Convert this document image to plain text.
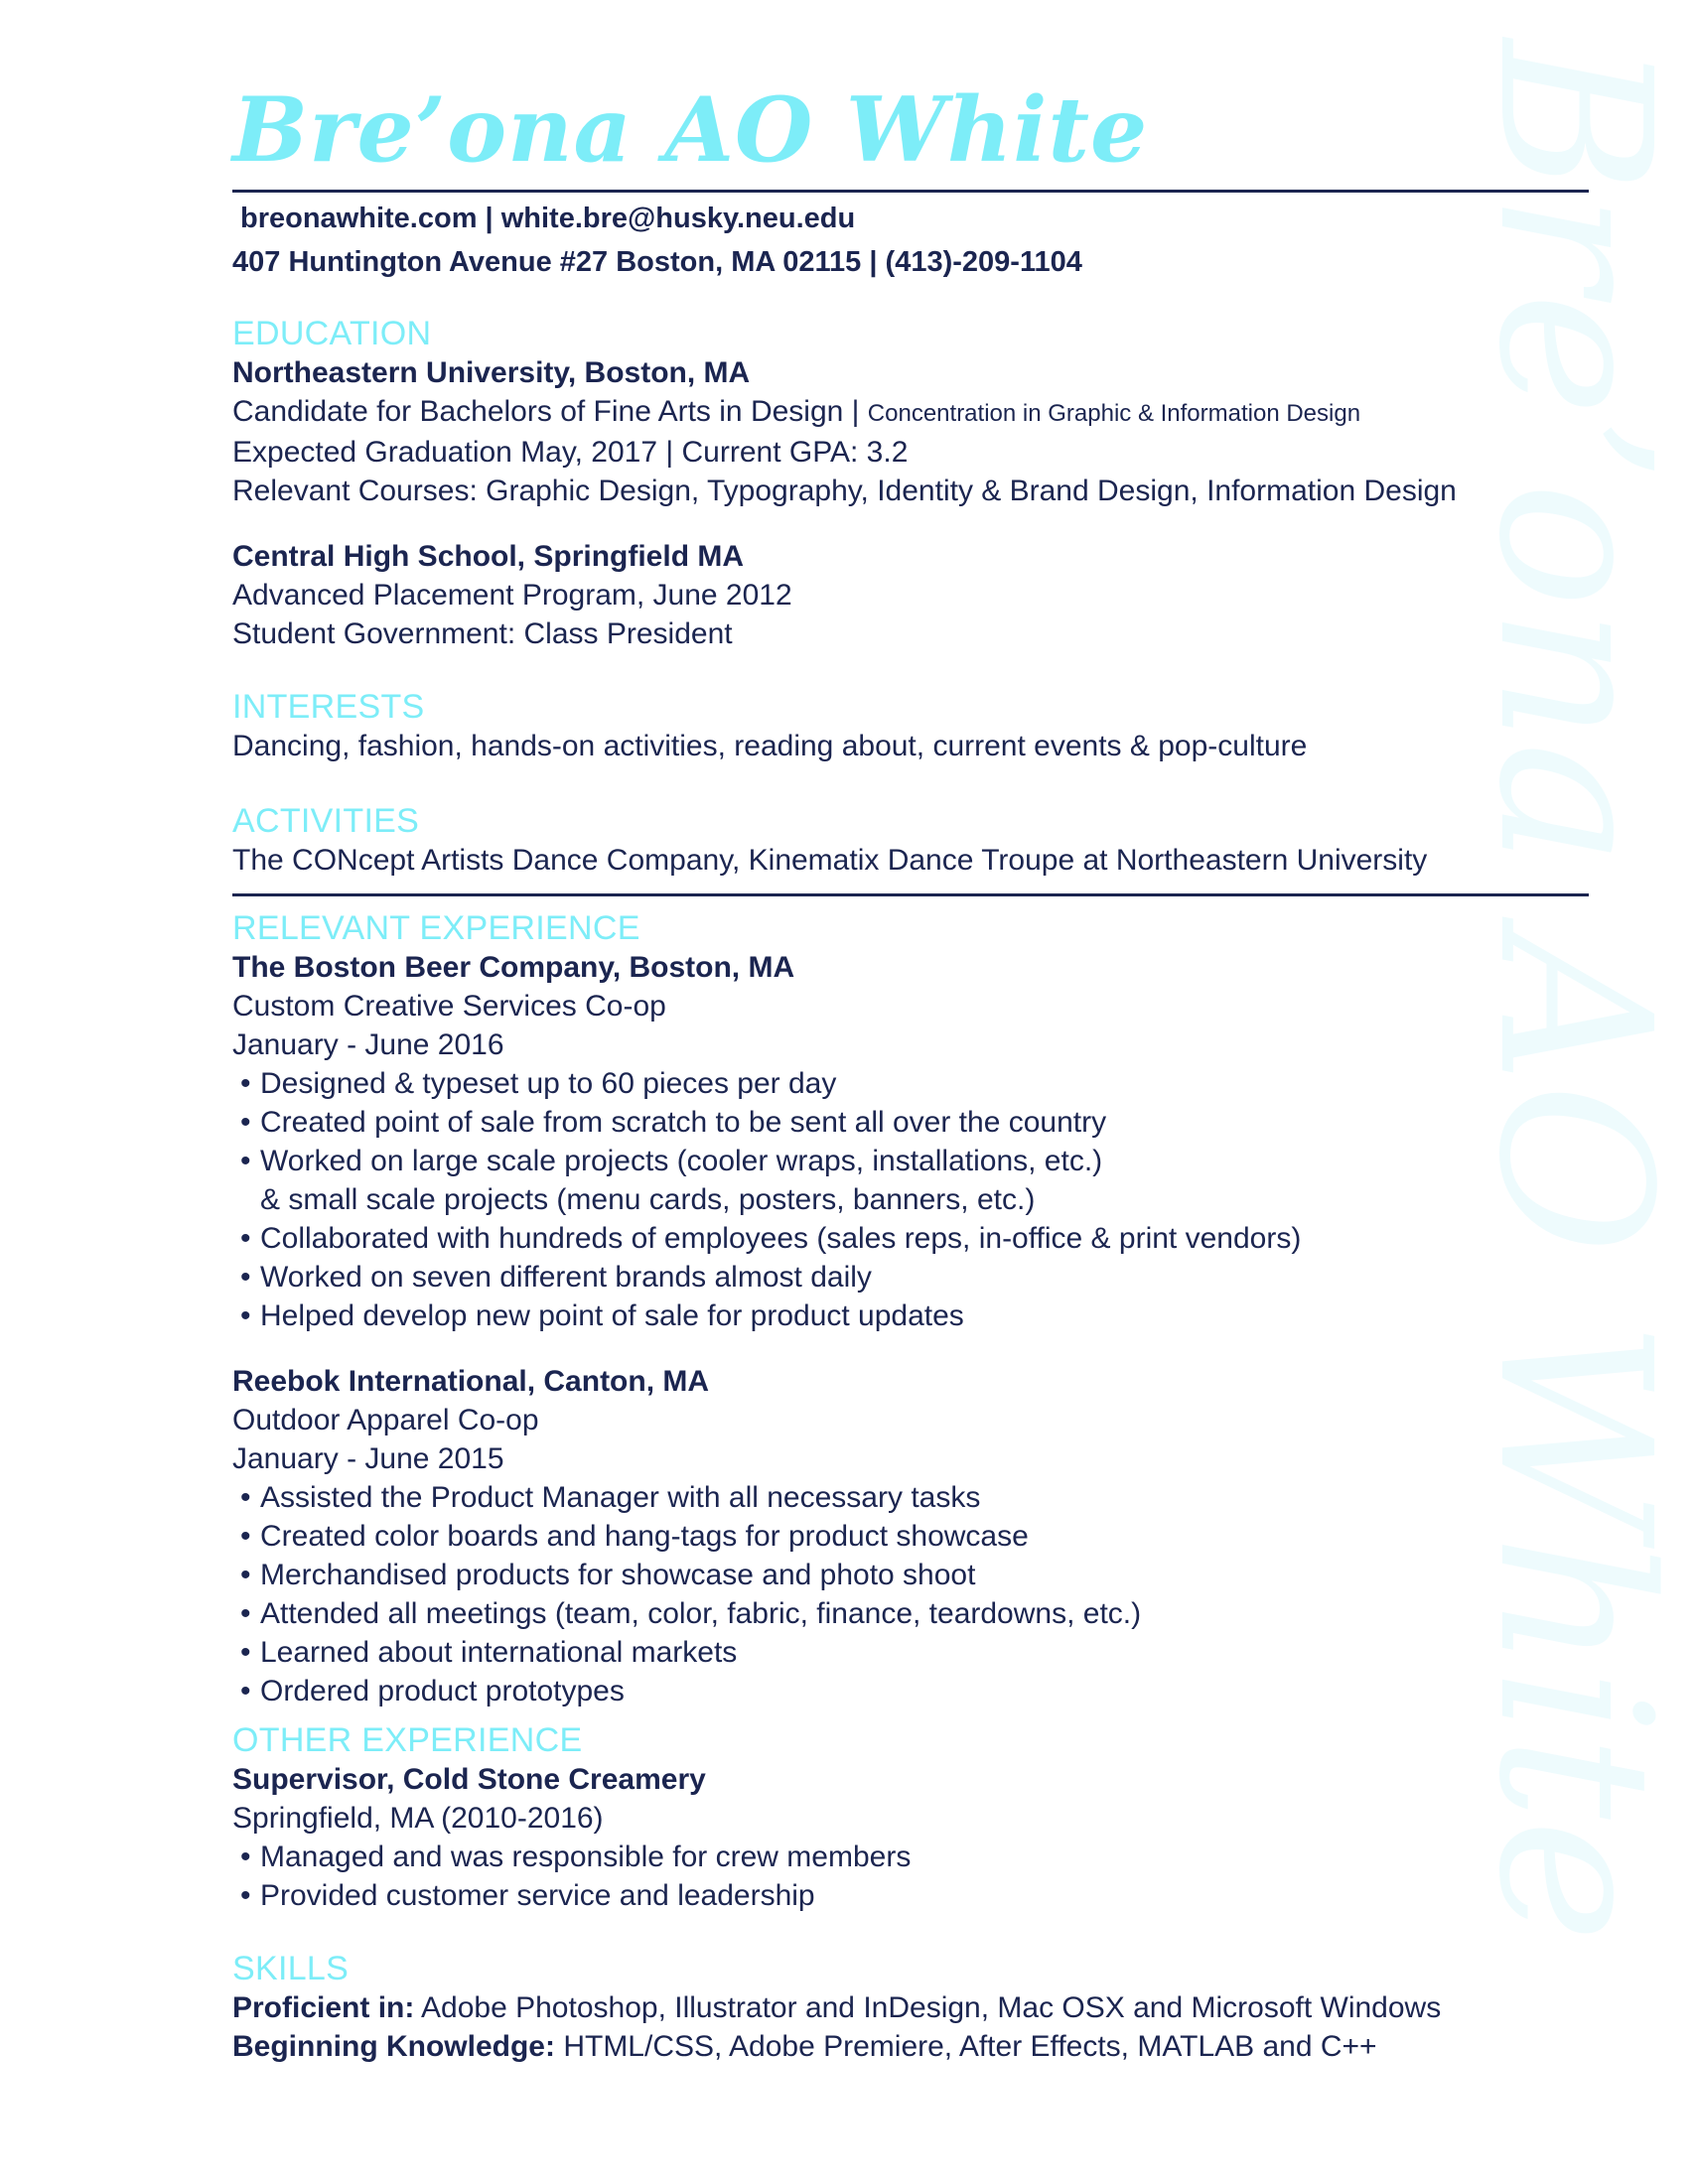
Bre’ona AO White
Bre’ona AO White
breonawhite.com | white.bre@husky.neu.edu
407 Huntington Avenue #27 Boston, MA 02115 | (413)-209-1104
EDUCATION
Northeastern University, Boston, MA
Candidate for Bachelors of Fine Arts in Design | Concentration in Graphic & Information Design
Expected Graduation May, 2017 | Current GPA: 3.2
Relevant Courses: Graphic Design, Typography, Identity & Brand Design, Information Design
Central High School, Springfield MA
Advanced Placement Program, June 2012
Student Government: Class President
INTERESTS
Dancing, fashion, hands-on activities, reading about, current events & pop-culture
ACTIVITIES
The CONcept Artists Dance Company, Kinematix Dance Troupe at Northeastern University
RELEVANT EXPERIENCE
The Boston Beer Company, Boston, MA
Custom Creative Services Co-op
January - June 2016
• Designed & typeset up to 60 pieces per day
• Created point of sale from scratch to be sent all over the country
• Worked on large scale projects (cooler wraps, installations, etc.)
& small scale projects (menu cards, posters, banners, etc.)
• Collaborated with hundreds of employees (sales reps, in-office & print vendors)
• Worked on seven different brands almost daily
• Helped develop new point of sale for product updates
Reebok International, Canton, MA
Outdoor Apparel Co-op
January - June 2015
• Assisted the Product Manager with all necessary tasks
• Created color boards and hang-tags for product showcase
• Merchandised products for showcase and photo shoot
• Attended all meetings (team, color, fabric, finance, teardowns, etc.)
• Learned about international markets
• Ordered product prototypes
OTHER EXPERIENCE
Supervisor, Cold Stone Creamery
Springfield, MA (2010-2016)
• Managed and was responsible for crew members
• Provided customer service and leadership
SKILLS
Proficient in: Adobe Photoshop, Illustrator and InDesign, Mac OSX and Microsoft Windows
Beginning Knowledge: HTML/CSS, Adobe Premiere, After Effects, MATLAB and C++
